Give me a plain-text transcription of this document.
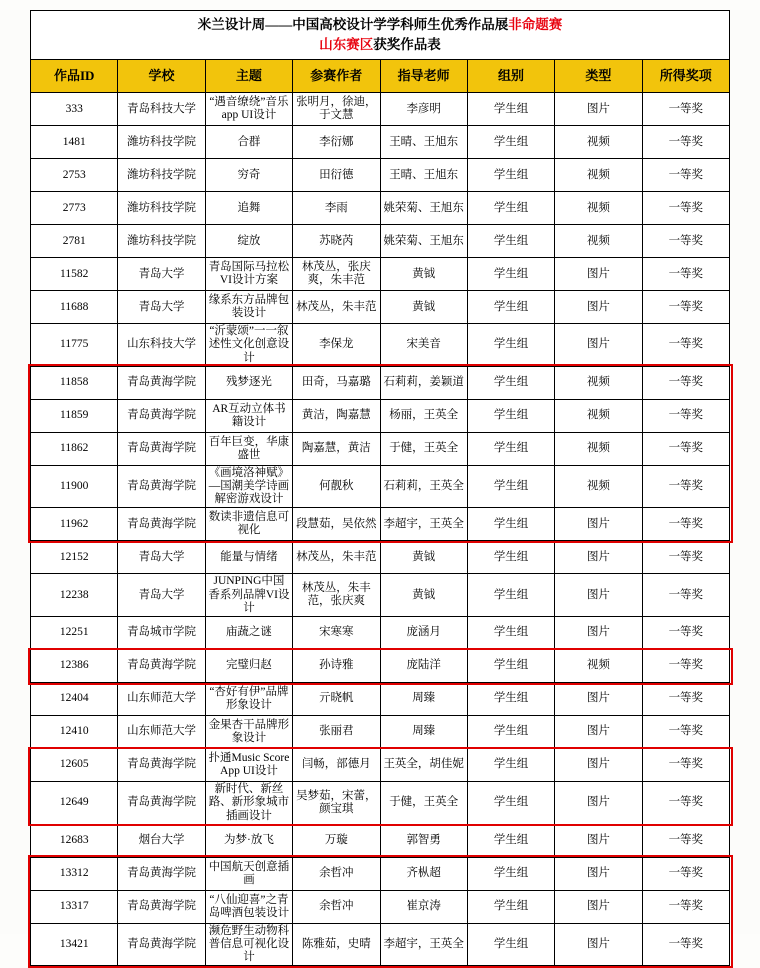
米兰设计周——中国高校设计学学科师生优秀作品展非命题赛
山东赛区获奖作品表							
作品ID	学校	主题	参赛作者	指导老师	组别	类型	所得奖项
333	青岛科技大学	“遇音缭绕”音乐app UI设计	张明月，徐迪，于文慧	李彦明	学生组	图片	一等奖
1481	潍坊科技学院	合群	李衍娜	王晴、王旭东	学生组	视频	一等奖
2753	潍坊科技学院	穷奇	田衍德	王晴、王旭东	学生组	视频	一等奖
2773	潍坊科技学院	追舞	李雨	姚荣菊、王旭东	学生组	视频	一等奖
2781	潍坊科技学院	绽放	苏晓芮	姚荣菊、王旭东	学生组	视频	一等奖
11582	青岛大学	青岛国际马拉松VI设计方案	林茂丛，张庆爽，朱丰范	黄钺	学生组	图片	一等奖
11688	青岛大学	缘系东方品牌包装设计	林茂丛，朱丰范	黄钺	学生组	图片	一等奖
11775	山东科技大学	“沂蒙颂”一一叙述性文化创意设计	李保龙	宋美音	学生组	图片	一等奖
11858	青岛黄海学院	残梦逐光	田奇，马嘉璐	石莉莉，姜颖道	学生组	视频	一等奖
11859	青岛黄海学院	AR互动立体书籍设计	黄洁，陶嘉慧	杨丽，王英全	学生组	视频	一等奖
11862	青岛黄海学院	百年巨变，华康盛世	陶嘉慧，黄洁	于健，王英全	学生组	视频	一等奖
11900	青岛黄海学院	《画境洛神赋》—国潮美学诗画解密游戏设计	何靓秋	石莉莉，王英全	学生组	视频	一等奖
11962	青岛黄海学院	数读非遗信息可视化	段慧茹，吴依然	李超宇，王英全	学生组	图片	一等奖
12152	青岛大学	能量与情绪	林茂丛，朱丰范	黄钺	学生组	图片	一等奖
12238	青岛大学	JUNPING中国香系列品牌VI设计	林茂丛，朱丰范，张庆爽	黄钺	学生组	图片	一等奖
12251	青岛城市学院	庙蔬之谜	宋寒寒	庞涵月	学生组	图片	一等奖
12386	青岛黄海学院	完璧归赵	孙诗雅	庞陆洋	学生组	视频	一等奖
12404	山东师范大学	“杏好有伊”品牌形象设计	亓晓帆	周臻	学生组	图片	一等奖
12410	山东师范大学	金果杏干品牌形象设计	张丽君	周臻	学生组	图片	一等奖
12605	青岛黄海学院	扑通Music ScoreApp UI设计	闫畅，部德月	王英全，胡佳妮	学生组	图片	一等奖
12649	青岛黄海学院	新时代、新丝路、新形象城市插画设计	吴梦茹，宋蕾，颜宝琪	于健，王英全	学生组	图片	一等奖
12683	烟台大学	为梦·放飞	万璇	郭智勇	学生组	图片	一等奖
13312	青岛黄海学院	中国航天创意插画	余哲冲	齐枞超	学生组	图片	一等奖
13317	青岛黄海学院	“八仙迎喜”之青岛啤酒包装设计	余哲冲	崔京涛	学生组	图片	一等奖
13421	青岛黄海学院	濒危野生动物科普信息可视化设计	陈雅茹，史晴	李超宇，王英全	学生组	图片	一等奖
